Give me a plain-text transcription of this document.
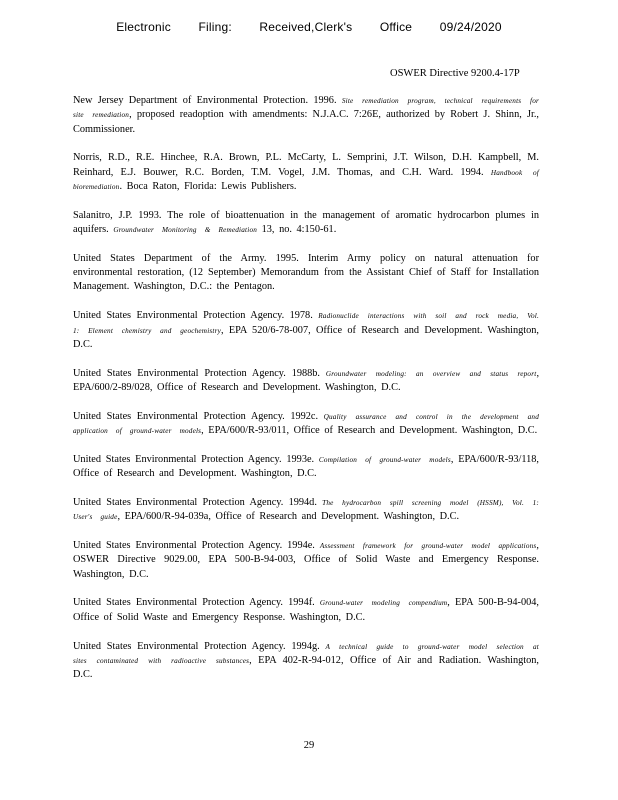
Electronic Filing: Received,Clerk's Office 09/24/2020
OSWER Directive 9200.4-17P

New Jersey Department of Environmental Protection. 1996. Site remediation program, technical requirements for site remediation, proposed readoption with amendments: N.J.A.C. 7:26E, authorized by Robert J. Shinn, Jr., Commissioner.

Norris, R.D., R.E. Hinchee, R.A. Brown, P.L. McCarty, L. Semprini, J.T. Wilson, D.H. Kampbell, M. Reinhard, E.J. Bouwer, R.C. Borden, T.M. Vogel, J.M. Thomas, and C.H. Ward. 1994. Handbook of bioremediation. Boca Raton, Florida: Lewis Publishers.

Salanitro, J.P. 1993. The role of bioattenuation in the management of aromatic hydrocarbon plumes in aquifers. Groundwater Monitoring & Remediation 13, no. 4:150-61.

United States Department of the Army. 1995. Interim Army policy on natural attenuation for environmental restoration, (12 September) Memorandum from the Assistant Chief of Staff for Installation Management. Washington, D.C.: the Pentagon.

United States Environmental Protection Agency. 1978. Radionuclide interactions with soil and rock media, Vol. 1: Element chemistry and geochemistry, EPA 520/6-78-007, Office of Research and Development. Washington, D.C.

United States Environmental Protection Agency. 1988b. Groundwater modeling: an overview and status report, EPA/600/2-89/028, Office of Research and Development. Washington, D.C.

United States Environmental Protection Agency. 1992c. Quality assurance and control in the development and application of ground-water models, EPA/600/R-93/011, Office of Research and Development. Washington, D.C.

United States Environmental Protection Agency. 1993e. Compilation of ground-water models, EPA/600/R-93/118, Office of Research and Development. Washington, D.C.

United States Environmental Protection Agency. 1994d. The hydrocarbon spill screening model (HSSM), Vol. 1: User's guide, EPA/600/R-94-039a, Office of Research and Development. Washington, D.C.

United States Environmental Protection Agency. 1994e. Assessment framework for ground-water model applications, OSWER Directive 9029.00, EPA 500-B-94-003, Office of Solid Waste and Emergency Response. Washington, D.C.

United States Environmental Protection Agency. 1994f. Ground-water modeling compendium, EPA 500-B-94-004, Office of Solid Waste and Emergency Response. Washington, D.C.

United States Environmental Protection Agency. 1994g. A technical guide to ground-water model selection at sites contaminated with radioactive substances, EPA 402-R-94-012, Office of Air and Radiation. Washington, D.C.

29
